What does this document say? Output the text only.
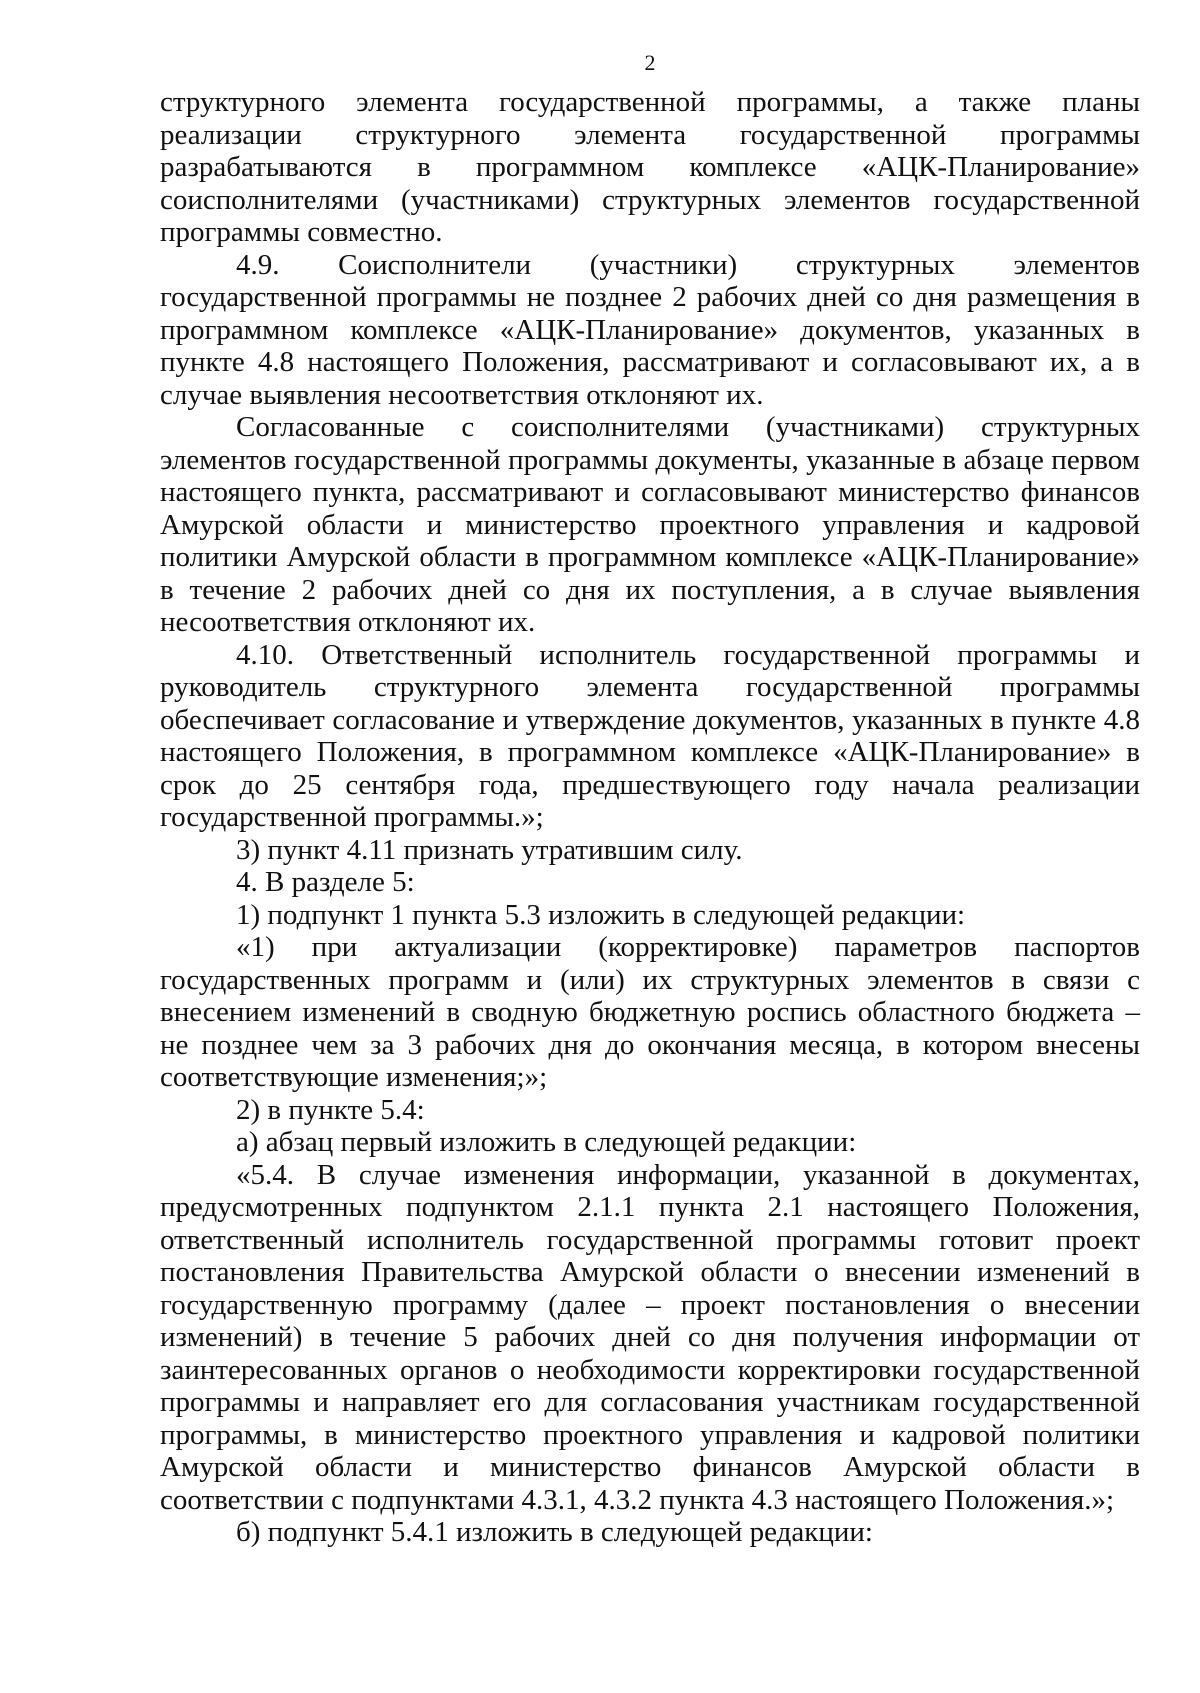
2

структурного элемента государственной программы, а также планы реализации структурного элемента государственной программы разрабатываются в программном комплексе «АЦК-Планирование» соисполнителями (участниками) структурных элементов государственной программы совместно.

4.9. Соисполнители (участники) структурных элементов государственной программы не позднее 2 рабочих дней со дня размещения в программном комплексе «АЦК-Планирование» документов, указанных в пункте 4.8 настоящего Положения, рассматривают и согласовывают их, а в случае выявления несоответствия отклоняют их.

Согласованные с соисполнителями (участниками) структурных элементов государственной программы документы, указанные в абзаце первом настоящего пункта, рассматривают и согласовывают министерство финансов Амурской области и министерство проектного управления и кадровой политики Амурской области в программном комплексе «АЦК-Планирование» в течение 2 рабочих дней со дня их поступления, а в случае выявления несоответствия отклоняют их.

4.10. Ответственный исполнитель государственной программы и руководитель структурного элемента государственной программы обеспечивает согласование и утверждение документов, указанных в пункте 4.8 настоящего Положения, в программном комплексе «АЦК-Планирование» в срок до 25 сентября года, предшествующего году начала реализации государственной программы.»;

3) пункт 4.11 признать утратившим силу.

4. В разделе 5:

1) подпункт 1 пункта 5.3 изложить в следующей редакции:

«1) при актуализации (корректировке) параметров паспортов государственных программ и (или) их структурных элементов в связи с внесением изменений в сводную бюджетную роспись областного бюджета – не позднее чем за 3 рабочих дня до окончания месяца, в котором внесены соответствующие изменения;»;

2) в пункте 5.4:

а) абзац первый изложить в следующей редакции:

«5.4. В случае изменения информации, указанной в документах, предусмотренных подпунктом 2.1.1 пункта 2.1 настоящего Положения, ответственный исполнитель государственной программы готовит проект постановления Правительства Амурской области о внесении изменений в государственную программу (далее – проект постановления о внесении изменений) в течение 5 рабочих дней со дня получения информации от заинтересованных органов о необходимости корректировки государственной программы и направляет его для согласования участникам государственной программы, в министерство проектного управления и кадровой политики Амурской области и министерство финансов Амурской области в соответствии с подпунктами 4.3.1, 4.3.2 пункта 4.3 настоящего Положения.»;

б) подпункт 5.4.1 изложить в следующей редакции:
